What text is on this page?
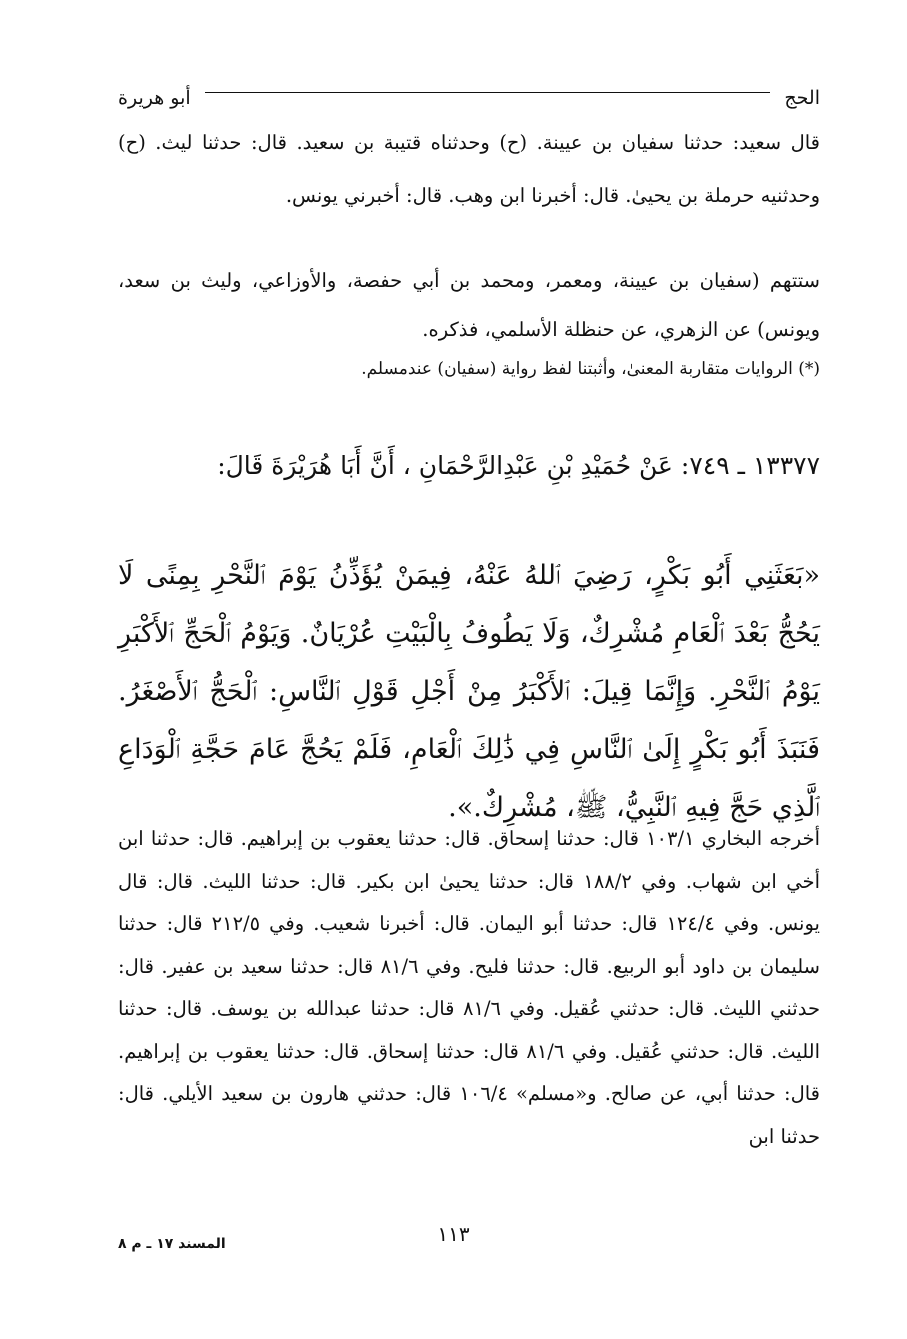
الحج
أبو هريرة

قال سعيد: حدثنا سفيان بن عيينة. (ح) وحدثناه قتيبة بن سعيد. قال: حدثنا ليث. (ح) وحدثنيه حرملة بن يحيىٰ. قال: أخبرنا ابن وهب. قال: أخبرني يونس.

ستتهم (سفيان بن عيينة، ومعمر، ومحمد بن أبي حفصة، والأوزاعي، وليث بن سعد، ويونس) عن الزهري، عن حنظلة الأسلمي، فذكره.

(*) الروايات متقاربة المعنىٰ، وأثبتنا لفظ رواية (سفيان) عندمسلم.

١٣٣٧٧ ـ ٧٤٩: عَنْ حُمَيْدِ بْنِ عَبْدِالرَّحْمَانِ ، أَنَّ أَبَا هُرَيْرَةَ قَالَ:

«بَعَثَنِي أَبُو بَكْرٍ، رَضِيَ ٱللهُ عَنْهُ، فِيمَنْ يُؤَذِّنُ يَوْمَ ٱلنَّحْرِ بِمِنًى لَا يَحُجُّ بَعْدَ ٱلْعَامِ مُشْرِكٌ، وَلَا يَطُوفُ بِالْبَيْتِ عُرْيَانٌ. وَيَوْمُ ٱلْحَجِّ ٱلأَكْبَرِ يَوْمُ ٱلنَّحْرِ. وَإِنَّمَا قِيلَ: ٱلأَكْبَرُ مِنْ أَجْلِ قَوْلِ ٱلنَّاسِ: ٱلْحَجُّ ٱلأَصْغَرُ. فَنَبَذَ أَبُو بَكْرٍ إِلَىٰ ٱلنَّاسِ فِي ذَٰلِكَ ٱلْعَامِ، فَلَمْ يَحُجَّ عَامَ حَجَّةِ ٱلْوَدَاعِ ٱلَّذِي حَجَّ فِيهِ ٱلنَّبِيُّ، ﷺ، مُشْرِكٌ.».

أخرجه البخاري ١٠٣/١ قال: حدثنا إسحاق. قال: حدثنا يعقوب بن إبراهيم. قال: حدثنا ابن أخي ابن شهاب. وفي ١٨٨/٢ قال: حدثنا يحيىٰ ابن بكير. قال: حدثنا الليث. قال: قال يونس. وفي ١٢٤/٤ قال: حدثنا أبو اليمان. قال: أخبرنا شعيب. وفي ٢١٢/٥ قال: حدثنا سليمان بن داود أبو الربيع. قال: حدثنا فليح. وفي ٨١/٦ قال: حدثنا سعيد بن عفير. قال: حدثني الليث. قال: حدثني عُقيل. وفي ٨١/٦ قال: حدثنا عبدالله بن يوسف. قال: حدثنا الليث. قال: حدثني عُقيل. وفي ٨١/٦ قال: حدثنا إسحاق. قال: حدثنا يعقوب بن إبراهيم. قال: حدثنا أبي، عن صالح. و«مسلم» ١٠٦/٤ قال: حدثني هارون بن سعيد الأيلي. قال: حدثنا ابن

١١٣
المسند ١٧ ـ م ٨
